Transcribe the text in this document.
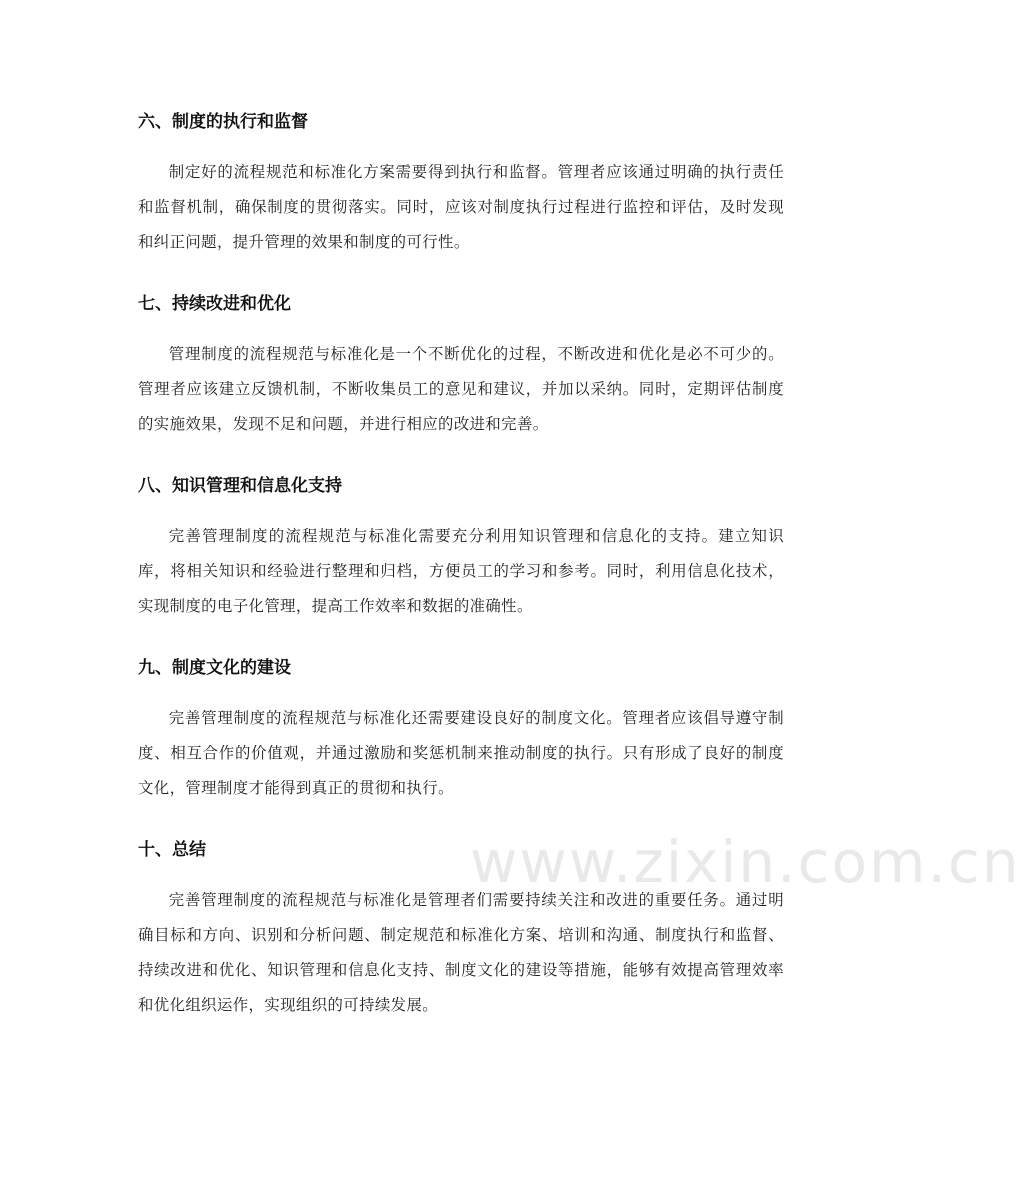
www.zixin.com.cn
六、制度的执行和监督

制定好的流程规范和标准化方案需要得到执行和监督。管理者应该通过明确的执行责任和监督机制，确保制度的贯彻落实。同时，应该对制度执行过程进行监控和评估，及时发现和纠正问题，提升管理的效果和制度的可行性。

七、持续改进和优化

管理制度的流程规范与标准化是一个不断优化的过程，不断改进和优化是必不可少的。管理者应该建立反馈机制，不断收集员工的意见和建议，并加以采纳。同时，定期评估制度的实施效果，发现不足和问题，并进行相应的改进和完善。

八、知识管理和信息化支持

完善管理制度的流程规范与标准化需要充分利用知识管理和信息化的支持。建立知识库，将相关知识和经验进行整理和归档，方便员工的学习和参考。同时，利用信息化技术，实现制度的电子化管理，提高工作效率和数据的准确性。

九、制度文化的建设

完善管理制度的流程规范与标准化还需要建设良好的制度文化。管理者应该倡导遵守制度、相互合作的价值观，并通过激励和奖惩机制来推动制度的执行。只有形成了良好的制度文化，管理制度才能得到真正的贯彻和执行。

十、总结

完善管理制度的流程规范与标准化是管理者们需要持续关注和改进的重要任务。通过明确目标和方向、识别和分析问题、制定规范和标准化方案、培训和沟通、制度执行和监督、持续改进和优化、知识管理和信息化支持、制度文化的建设等措施，能够有效提高管理效率和优化组织运作，实现组织的可持续发展。
